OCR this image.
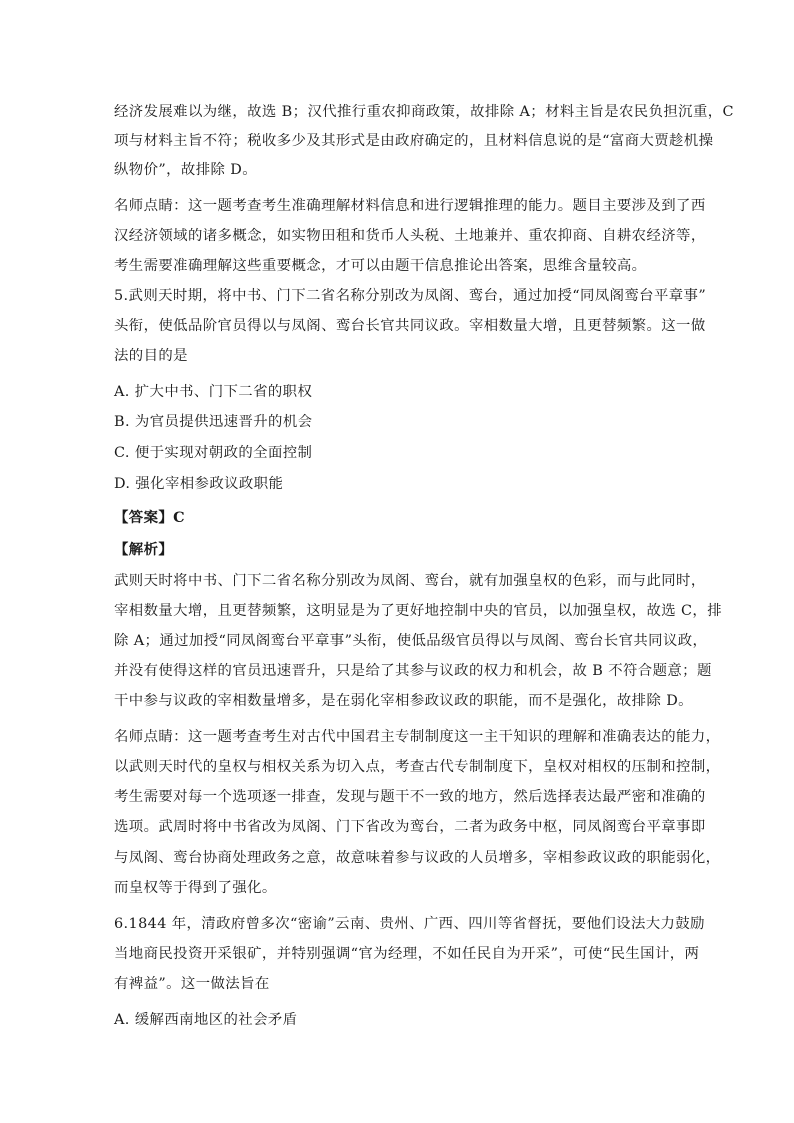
经济发展难以为继，故选 B；汉代推行重农抑商政策，故排除 A；材料主旨是农民负担沉重，C
项与材料主旨不符；税收多少及其形式是由政府确定的，且材料信息说的是“富商大贾趁机操
纵物价”，故排除 D。
名师点睛：这一题考查考生准确理解材料信息和进行逻辑推理的能力。题目主要涉及到了西
汉经济领域的诸多概念，如实物田租和货币人头税、土地兼并、重农抑商、自耕农经济等，
考生需要准确理解这些重要概念，才可以由题干信息推论出答案，思维含量较高。
5.武则天时期，将中书、门下二省名称分别改为凤阁、鸾台，通过加授“同凤阁鸾台平章事”
头衔，使低品阶官员得以与凤阁、鸾台长官共同议政。宰相数量大增，且更替频繁。这一做
法的目的是
A. 扩大中书、门下二省的职权
B. 为官员提供迅速晋升的机会
C. 便于实现对朝政的全面控制
D. 强化宰相参政议政职能
【答案】C
【解析】
武则天时将中书、门下二省名称分别改为凤阁、鸾台，就有加强皇权的色彩，而与此同时，
宰相数量大增，且更替频繁，这明显是为了更好地控制中央的官员，以加强皇权，故选 C，排
除 A；通过加授“同凤阁鸾台平章事”头衔，使低品级官员得以与凤阁、鸾台长官共同议政，
并没有使得这样的官员迅速晋升，只是给了其参与议政的权力和机会，故 B 不符合题意；题
干中参与议政的宰相数量增多，是在弱化宰相参政议政的职能，而不是强化，故排除 D。
名师点睛：这一题考查考生对古代中国君主专制制度这一主干知识的理解和准确表达的能力，
以武则天时代的皇权与相权关系为切入点，考查古代专制制度下，皇权对相权的压制和控制，
考生需要对每一个选项逐一排查，发现与题干不一致的地方，然后选择表达最严密和准确的
选项。武周时将中书省改为凤阁、门下省改为鸾台，二者为政务中枢，同凤阁鸾台平章事即
与凤阁、鸾台协商处理政务之意，故意味着参与议政的人员增多，宰相参政议政的职能弱化，
而皇权等于得到了强化。
6.1844 年，清政府曾多次“密谕”云南、贵州、广西、四川等省督抚，要他们设法大力鼓励
当地商民投资开采银矿，并特别强调“官为经理，不如任民自为开采”，可使“民生国计，两
有裨益”。这一做法旨在
A. 缓解西南地区的社会矛盾
